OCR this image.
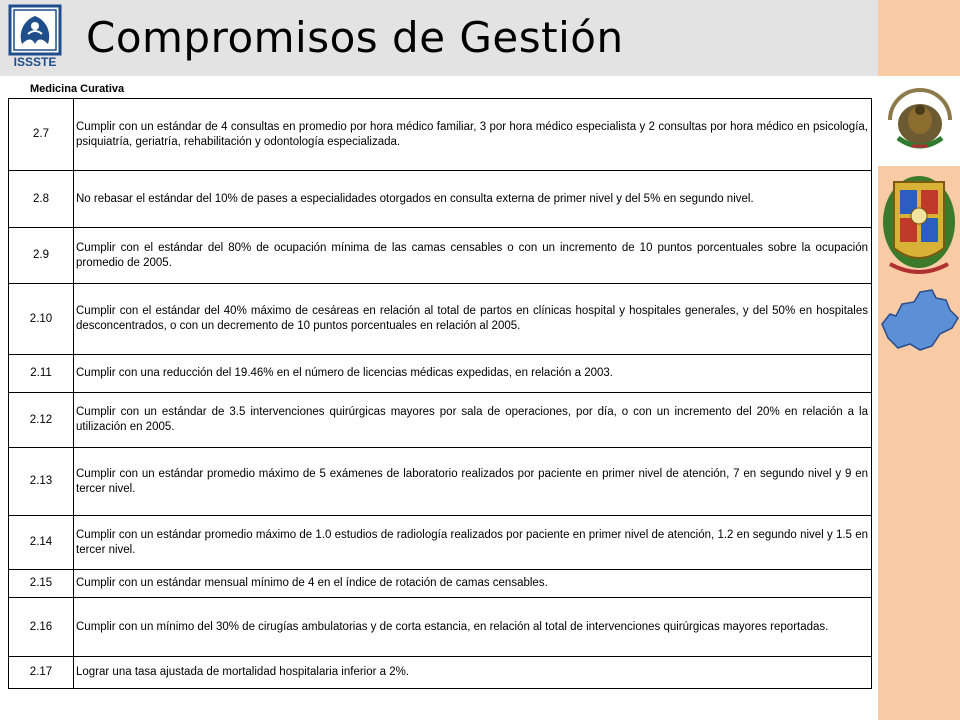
ISSSTE Compromisos de Gestión
Medicina Curativa
2.7	Cumplir con un estándar de 4 consultas en promedio por hora médico familiar, 3 por hora médico especialista y 2 consultas por hora médico en psicología, psiquiatría, geriatría, rehabilitación y odontología especializada.
2.8	No rebasar el estándar del 10% de pases a especialidades otorgados en consulta externa de primer nivel y del 5% en segundo nivel.
2.9	Cumplir con el estándar del 80% de ocupación mínima de las camas censables o con un incremento de 10 puntos porcentuales sobre la ocupación promedio de 2005.
2.10	Cumplir con el estándar del 40% máximo de cesáreas en relación al total de partos en clínicas hospital y hospitales generales, y del 50% en hospitales desconcentrados, o con un decremento de 10 puntos porcentuales en relación al 2005.
2.11	Cumplir con una reducción del 19.46% en el número de licencias médicas expedidas, en relación a 2003.
2.12	Cumplir con un estándar de 3.5 intervenciones quirúrgicas mayores por sala de operaciones, por día, o con un incremento del 20% en relación a la utilización en 2005.
2.13	Cumplir con un estándar promedio máximo de 5 exámenes de laboratorio realizados por paciente en primer nivel de atención, 7 en segundo nivel y 9 en tercer nivel.
2.14	Cumplir con un estándar promedio máximo de 1.0 estudios de radiología realizados por paciente en primer nivel de atención, 1.2 en segundo nivel y 1.5 en tercer nivel.
2.15	Cumplir con un estándar mensual mínimo de 4 en el índice de rotación de camas censables.
2.16	Cumplir con un mínimo del 30% de cirugías ambulatorias y de corta estancia, en relación al total de intervenciones quirúrgicas mayores reportadas.
2.17	Lograr una tasa ajustada de mortalidad hospitalaria inferior a 2%.
